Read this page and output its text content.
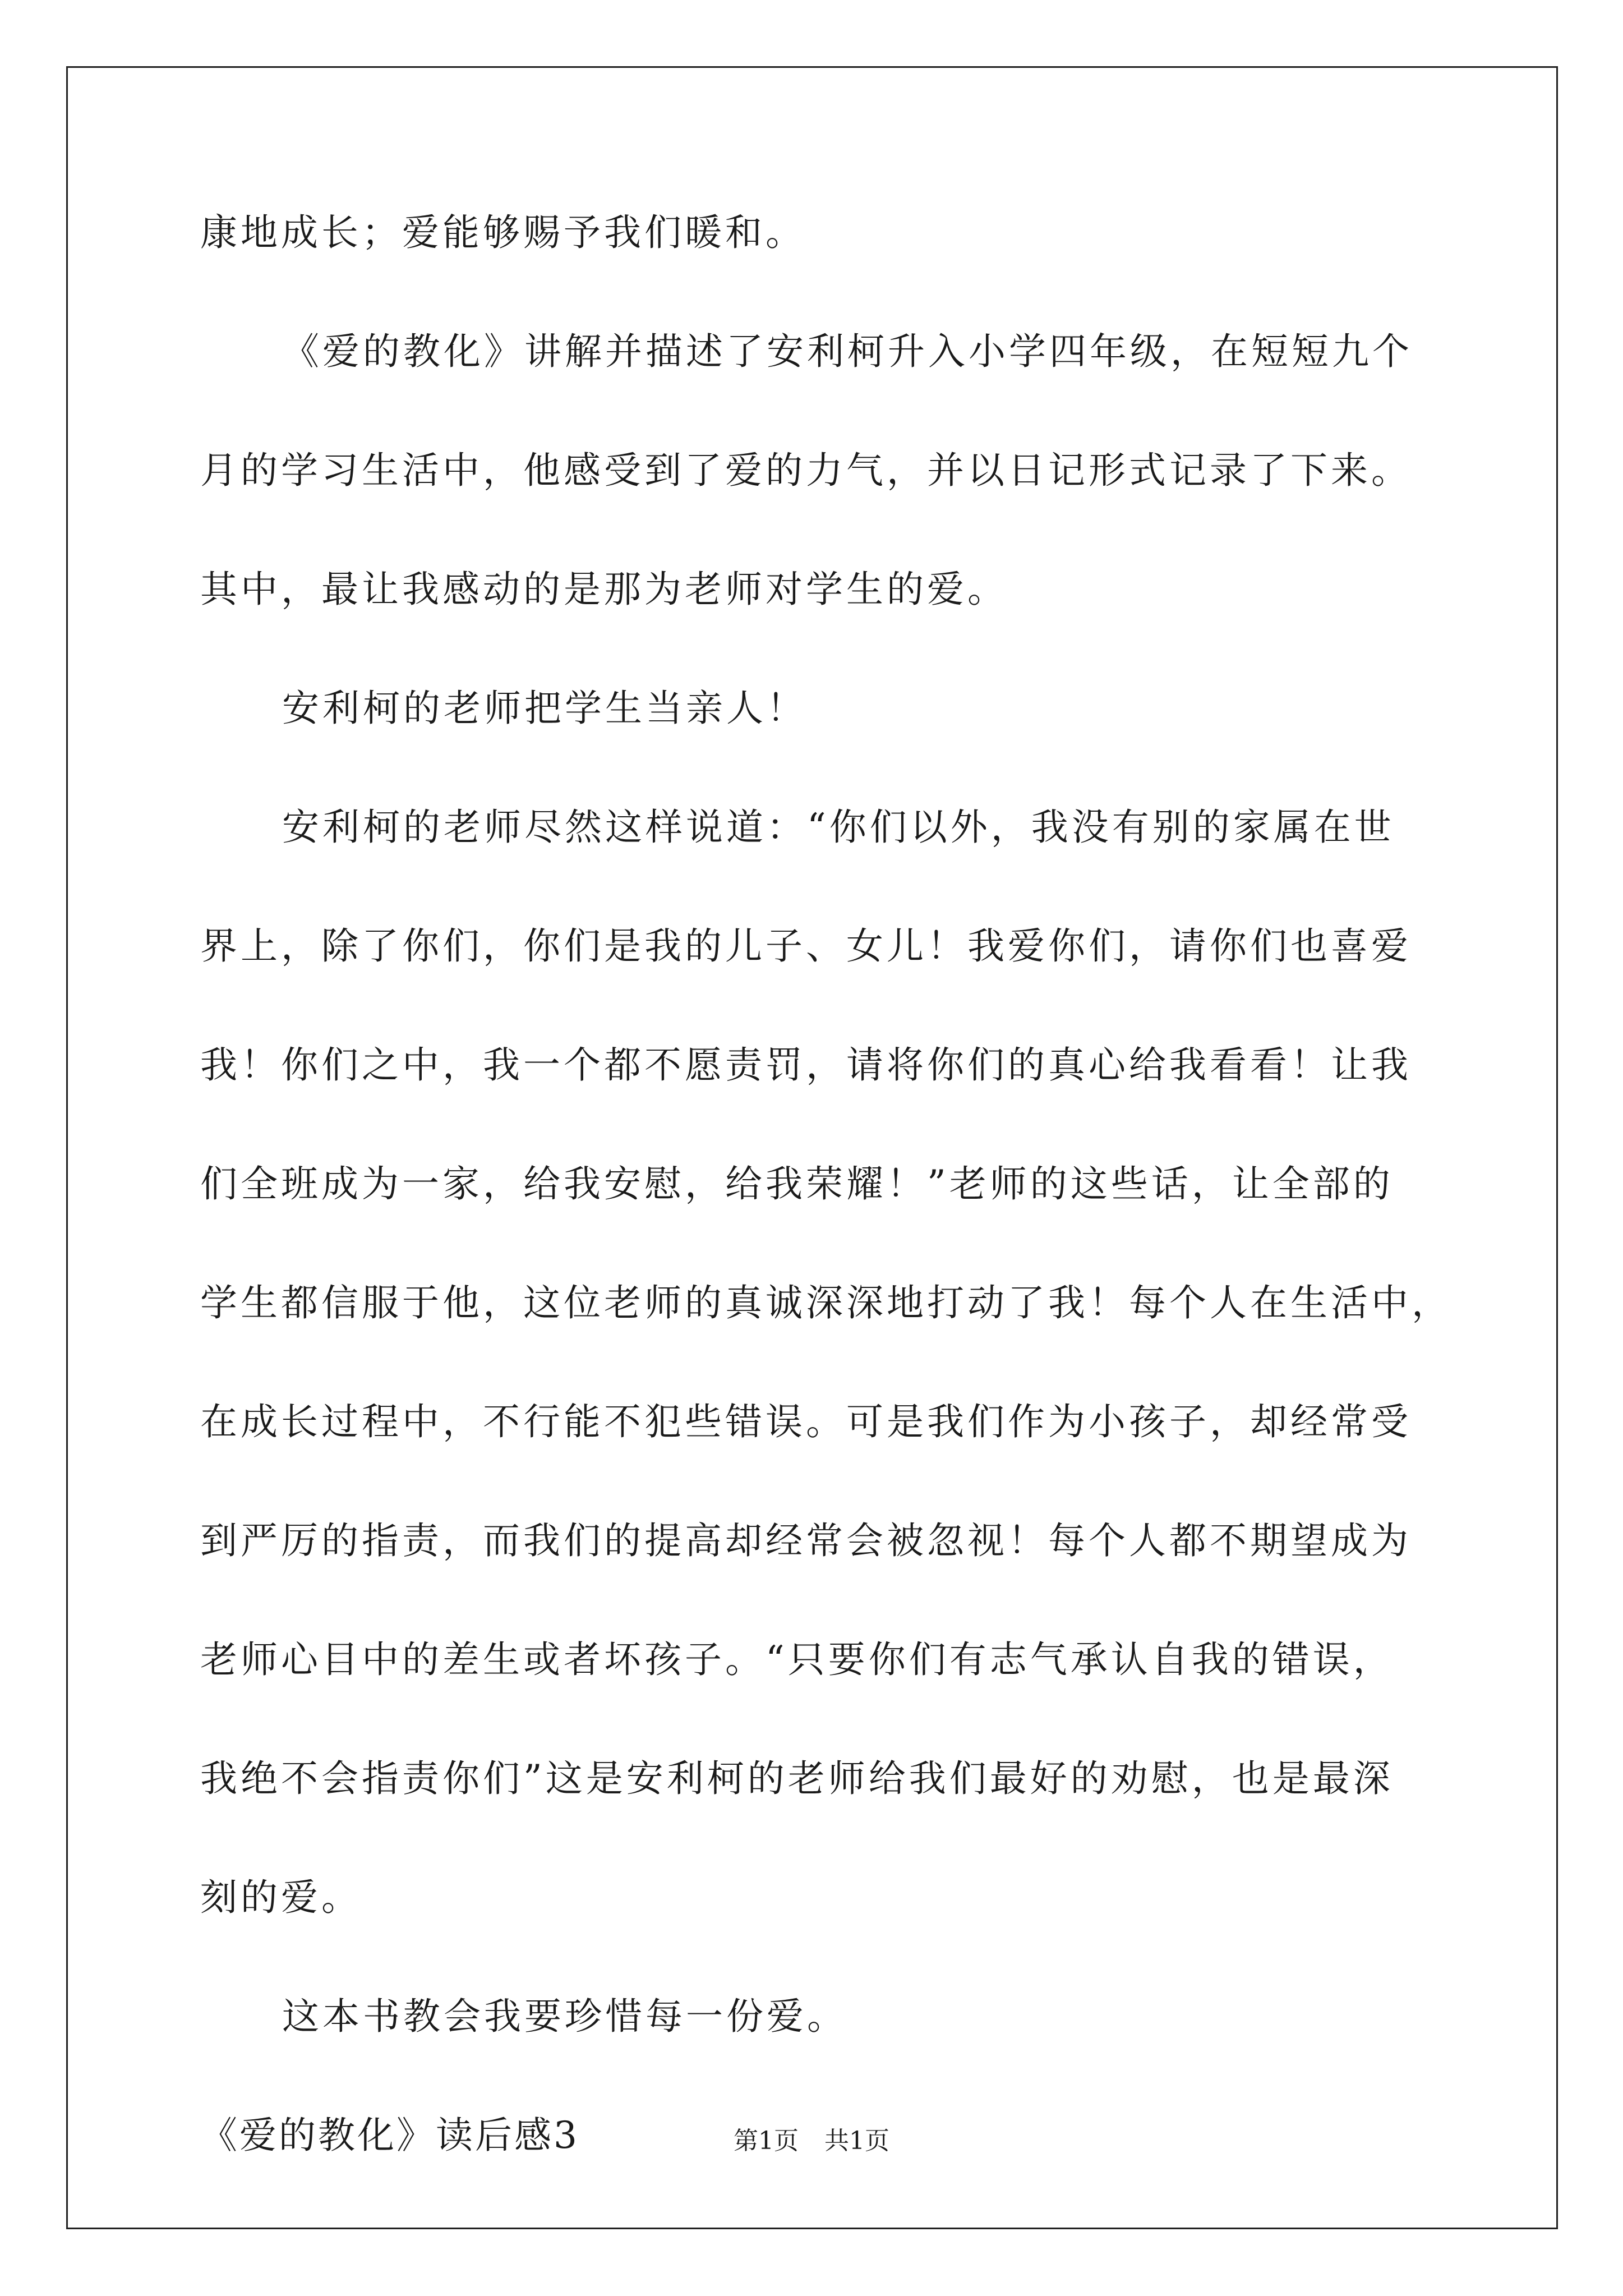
康地成长；爱能够赐予我们暖和。
《爱的教化》讲解并描述了安利柯升入小学四年级，在短短九个
月的学习生活中，他感受到了爱的力气，并以日记形式记录了下来。
其中，最让我感动的是那为老师对学生的爱。
安利柯的老师把学生当亲人！
安利柯的老师尽然这样说道：“你们以外，我没有别的家属在世
界上，除了你们，你们是我的儿子、女儿！我爱你们，请你们也喜爱
我！你们之中，我一个都不愿责罚，请将你们的真心给我看看！让我
们全班成为一家，给我安慰，给我荣耀！”老师的这些话，让全部的
学生都信服于他，这位老师的真诚深深地打动了我！每个人在生活中，
在成长过程中，不行能不犯些错误。可是我们作为小孩子，却经常受
到严厉的指责，而我们的提高却经常会被忽视！每个人都不期望成为
老师心目中的差生或者坏孩子。“只要你们有志气承认自我的错误，
我绝不会指责你们”这是安利柯的老师给我们最好的劝慰，也是最深
刻的爱。
这本书教会我要珍惜每一份爱。
《爱的教化》读后感3	第1页 共1页
